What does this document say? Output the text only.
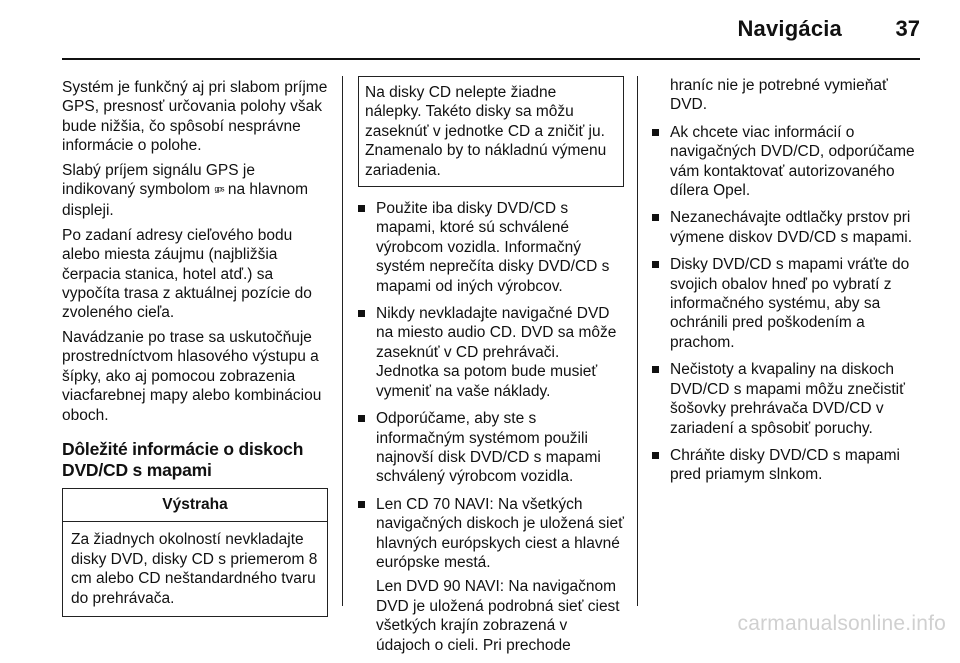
Navigácia 37

Systém je funkčný aj pri slabom príjme GPS, presnosť určovania polohy však bude nižšia, čo spôsobí nesprávne informácie o polohe.

Slabý príjem signálu GPS je indikovaný symbolom ᵍᵖˢ na hlavnom displeji.

Po zadaní adresy cieľového bodu alebo miesta záujmu (najbližšia čerpacia stanica, hotel atď.) sa vypočíta trasa z aktuálnej pozície do zvoleného cieľa.

Navádzanie po trase sa uskutočňuje prostredníctvom hlasového výstupu a šípky, ako aj pomocou zobrazenia viacfarebnej mapy alebo kombináciou oboch.

Dôležité informácie o diskoch DVD/CD s mapami
Výstraha
Za žiadnych okolností nevkladajte disky DVD, disky CD s priemerom 8 cm alebo CD neštandardného tvaru do prehrávača.
Na disky CD nelepte žiadne nálepky. Takéto disky sa môžu zaseknúť v jednotke CD a zničiť ju. Znamenalo by to nákladnú výmenu zariadenia.
Použite iba disky DVD/CD s mapami, ktoré sú schválené výrobcom vozidla. Informačný systém neprečíta disky DVD/CD s mapami od iných výrobcov.
Nikdy nevkladajte navigačné DVD na miesto audio CD. DVD sa môže zaseknúť v CD prehrávači. Jednotka sa potom bude musieť vymeniť na vaše náklady.
Odporúčame, aby ste s informačným systémom použili najnovší disk DVD/CD s mapami schválený výrobcom vozidla.
Len CD 70 NAVI: Na všetkých navigačných diskoch je uložená sieť hlavných európskych ciest a hlavné európske mestá.
Len DVD 90 NAVI: Na navigačnom DVD je uložená podrobná sieť ciest všetkých krajín zobrazená v údajoch o cieli. Pri prechode
hraníc nie je potrebné vymieňať DVD.
Ak chcete viac informácií o navigačných DVD/CD, odporúčame vám kontaktovať autorizovaného dílera Opel.
Nezanechávajte odtlačky prstov pri výmene diskov DVD/CD s mapami.
Disky DVD/CD s mapami vráťte do svojich obalov hneď po vybratí z informačného systému, aby sa ochránili pred poškodením a prachom.
Nečistoty a kvapaliny na diskoch DVD/CD s mapami môžu znečistiť šošovky prehrávača DVD/CD v zariadení a spôsobiť poruchy.
Chráňte disky DVD/CD s mapami pred priamym slnkom.
carmanualsonline.info
